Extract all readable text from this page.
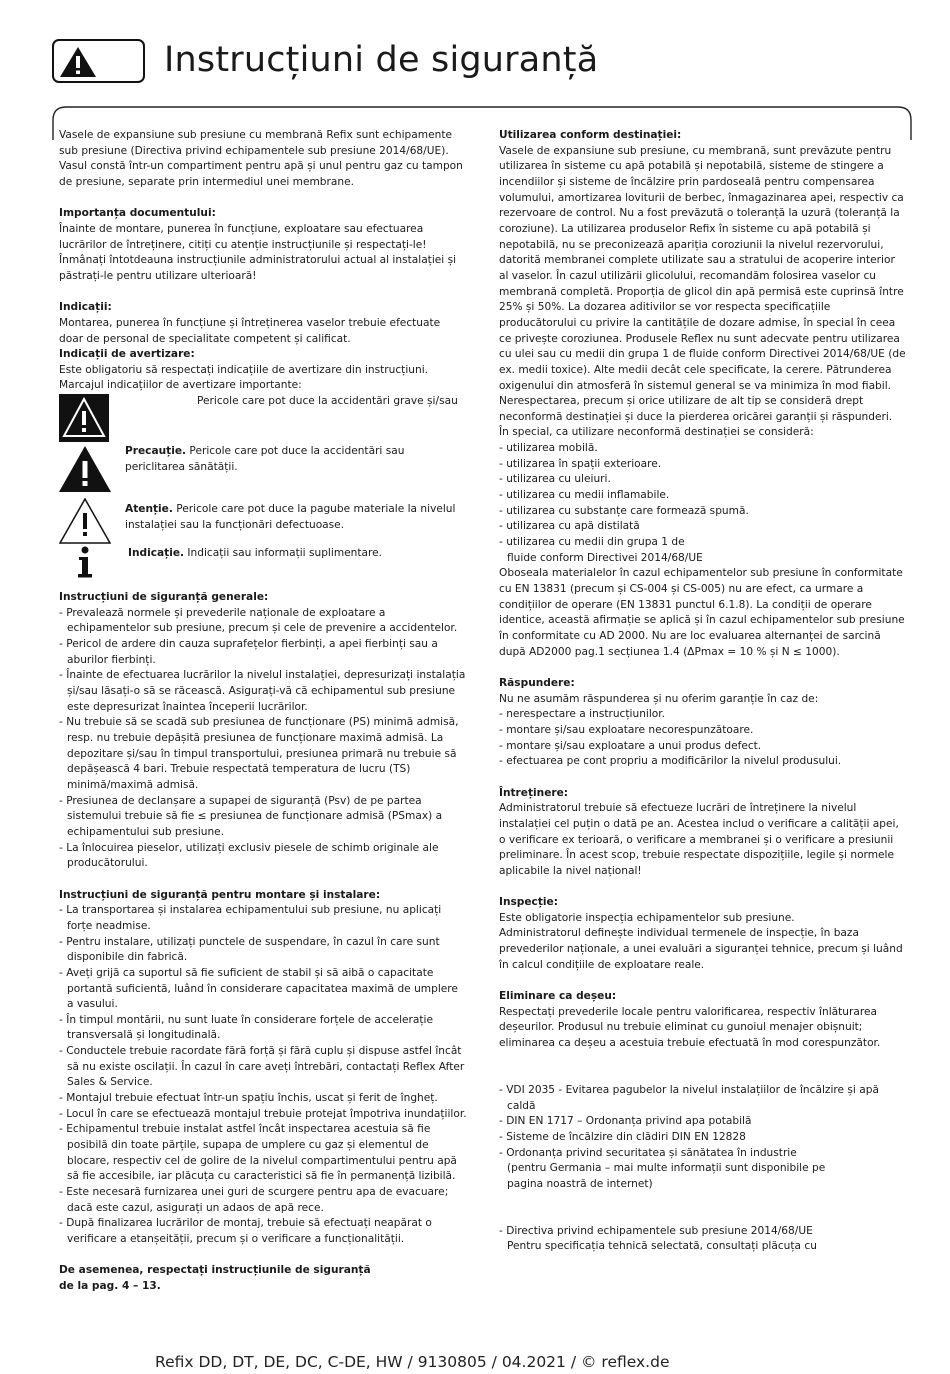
Instrucțiuni de siguranță

Vasele de expansiune sub presiune cu membrană Refix sunt echipamente sub presiune (Directiva privind echipamentele sub presiune 2014/68/UE). Vasul constă într-un compartiment pentru apă și unul pentru gaz cu tampon de presiune, separate prin intermediul unei membrane.

Importanța documentului:

Înainte de montare, punerea în funcțiune, exploatare sau efectuarea lucrărilor de întreținere, citiți cu atenție instrucțiunile și respectați-le! Înmânați întotdeauna instrucțiunile administratorului actual al instalației și păstrați-le pentru utilizare ulterioară!

Indicații:

Montarea, punerea în funcțiune și întreținerea vaselor trebuie efectuate doar de personal de specialitate competent și calificat.

Indicații de avertizare:

Este obligatoriu să respectați indicațiile de avertizare din instrucțiuni. Marcajul indicațiilor de avertizare importante:

Pericole care pot duce la accidentări grave și/sau

Precauție. Pericole care pot duce la accidentări sau periclitarea sănătății.

Atenție. Pericole care pot duce la pagube materiale la nivelul instalației sau la funcționări defectuoase.

Indicație. Indicații sau informații suplimentare.

Instrucțiuni de siguranță generale:

- Prevalează normele și prevederile naționale de exploatare a echipamentelor sub presiune, precum și cele de prevenire a accidentelor.

- Pericol de ardere din cauza suprafețelor fierbinți, a apei fierbinți sau a aburilor fierbinți.

- Înainte de efectuarea lucrărilor la nivelul instalației, depresurizați instalația și/sau lăsați-o să se răcească. Asigurați-vă că echipamentul sub presiune este depresurizat înaintea începerii lucrărilor.

- Nu trebuie să se scadă sub presiunea de funcționare (PS) minimă admisă, resp. nu trebuie depășită presiunea de funcționare maximă admisă. La depozitare și/sau în timpul transportului, presiunea primară nu trebuie să depășească 4 bari. Trebuie respectată temperatura de lucru (TS) minimă/maximă admisă.

- Presiunea de declanșare a supapei de siguranță (Psv) de pe partea sistemului trebuie să fie ≤ presiunea de funcționare admisă (PSmax) a echipamentului sub presiune.

- La înlocuirea pieselor, utilizați exclusiv piesele de schimb originale ale producătorului.

Instrucțiuni de siguranță pentru montare și instalare:

- La transportarea și instalarea echipamentului sub presiune, nu aplicați forțe neadmise.

- Pentru instalare, utilizați punctele de suspendare, în cazul în care sunt disponibile din fabrică.

- Aveți grijă ca suportul să fie suficient de stabil și să aibă o capacitate portantă suficientă, luând în considerare capacitatea maximă de umplere a vasului.

- În timpul montării, nu sunt luate în considerare forțele de accelerație transversală și longitudinală.

- Conductele trebuie racordate fără forță și fără cuplu și dispuse astfel încât să nu existe oscilații. În cazul în care aveți întrebări, contactați Reflex After Sales & Service.

- Montajul trebuie efectuat într-un spațiu închis, uscat și ferit de îngheț.

- Locul în care se efectuează montajul trebuie protejat împotriva inundațiilor.

- Echipamentul trebuie instalat astfel încât inspectarea acestuia să fie posibilă din toate părțile, supapa de umplere cu gaz și elementul de blocare, respectiv cel de golire de la nivelul compartimentului pentru apă să fie accesibile, iar plăcuța cu caracteristici să fie în permanență lizibilă.

- Este necesară furnizarea unei guri de scurgere pentru apa de evacuare; dacă este cazul, asigurați un adaos de apă rece.

- După finalizarea lucrărilor de montaj, trebuie să efectuați neapărat o verificare a etanșeității, precum și o verificare a funcționalității.

De asemenea, respectați instrucțiunile de siguranță de la pag. 4 – 13.

Utilizarea conform destinației:

Vasele de expansiune sub presiune, cu membrană, sunt prevăzute pentru utilizarea în sisteme cu apă potabilă și nepotabilă, sisteme de stingere a incendiilor și sisteme de încălzire prin pardoseală pentru compensarea volumului, amortizarea loviturii de berbec, înmagazinarea apei, respectiv ca rezervoare de control. Nu a fost prevăzută o toleranță la uzură (toleranță la coroziune). La utilizarea produselor Refix în sisteme cu apă potabilă și nepotabilă, nu se preconizează apariția coroziunii la nivelul rezervorului, datorită membranei complete utilizate sau a stratului de acoperire interior al vaselor. În cazul utilizării glicolului, recomandăm folosirea vaselor cu membrană completă. Proporția de glicol din apă permisă este cuprinsă între 25% și 50%. La dozarea aditivilor se vor respecta specificațiile producătorului cu privire la cantitățile de dozare admise, în special în ceea ce privește coroziunea. Produsele Reflex nu sunt adecvate pentru utilizarea cu ulei sau cu medii din grupa 1 de fluide conform Directivei 2014/68/UE (de ex. medii toxice). Alte medii decât cele specificate, la cerere. Pătrunderea oxigenului din atmosferă în sistemul general se va minimiza în mod fiabil. Nerespectarea, precum și orice utilizare de alt tip se consideră drept neconformă destinației și duce la pierderea oricărei garanții și răspunderi.

În special, ca utilizare neconformă destinației se consideră:

- utilizarea mobilă.

- utilizarea în spații exterioare.

- utilizarea cu uleiuri.

- utilizarea cu medii inflamabile.

- utilizarea cu substanțe care formează spumă.

- utilizarea cu apă distilată

- utilizarea cu medii din grupa 1 de fluide conform Directivei 2014/68/UE

Oboseala materialelor în cazul echipamentelor sub presiune în conformitate cu EN 13831 (precum și CS-004 și CS-005) nu are efect, ca urmare a condițiilor de operare (EN 13831 punctul 6.1.8). La condiții de operare identice, această afirmație se aplică și în cazul echipamentelor sub presiune în conformitate cu AD 2000. Nu are loc evaluarea alternanței de sarcină după AD2000 pag.1 secțiunea 1.4 (ΔPmax = 10 % și N ≤ 1000).

Răspundere:

Nu ne asumăm răspunderea și nu oferim garanție în caz de:

- nerespectare a instrucțiunilor.

- montare și/sau exploatare necorespunzătoare.

- montare și/sau exploatare a unui produs defect.

- efectuarea pe cont propriu a modificărilor la nivelul produsului.

Întreținere:

Administratorul trebuie să efectueze lucrări de întreținere la nivelul instalației cel puțin o dată pe an. Acestea includ o verificare a calității apei, o verificare ex terioară, o verificare a membranei și o verificare a presiunii preliminare. În acest scop, trebuie respectate dispozițiile, legile și normele aplicabile la nivel național!

Inspecție:

Este obligatorie inspecția echipamentelor sub presiune.

Administratorul definește individual termenele de inspecție, în baza prevederilor naționale, a unei evaluări a siguranței tehnice, precum și luând în calcul condițiile de exploatare reale.

Eliminare ca deșeu:

Respectați prevederile locale pentru valorificarea, respectiv înlăturarea deșeurilor. Produsul nu trebuie eliminat cu gunoiul menajer obișnuit; eliminarea ca deșeu a acestuia trebuie efectuată în mod corespunzător.

- VDI 2035 - Evitarea pagubelor la nivelul instalațiilor de încălzire și apă caldă

- DIN EN 1717 – Ordonanța privind apa potabilă

- Sisteme de încălzire din clădiri DIN EN 12828

- Ordonanța privind securitatea și sănătatea în industrie (pentru Germania – mai multe informații sunt disponibile pe pagina noastră de internet)

- Directiva privind echipamentele sub presiune 2014/68/UE Pentru specificația tehnică selectată, consultați plăcuța cu

Refix DD, DT, DE, DC, C-DE, HW / 9130805 / 04.2021 / © reflex.de
